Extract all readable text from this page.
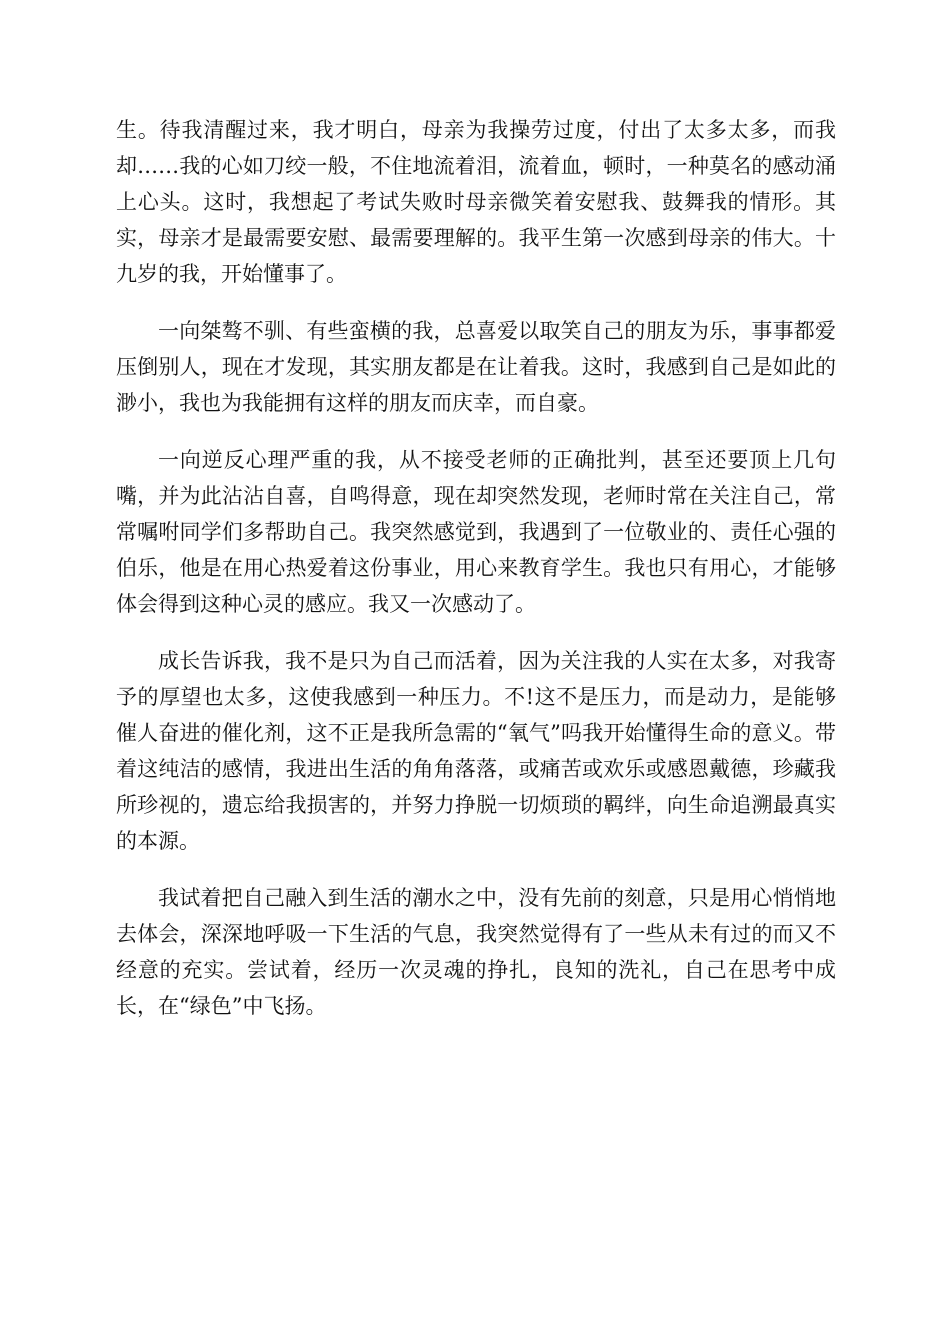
生。待我清醒过来，我才明白，母亲为我操劳过度，付出了太多太多，而我却……我的心如刀绞一般，不住地流着泪，流着血，顿时，一种莫名的感动涌上心头。这时，我想起了考试失败时母亲微笑着安慰我、鼓舞我的情形。其实，母亲才是最需要安慰、最需要理解的。我平生第一次感到母亲的伟大。十九岁的我，开始懂事了。

一向桀骜不驯、有些蛮横的我，总喜爱以取笑自己的朋友为乐，事事都爱压倒别人，现在才发现，其实朋友都是在让着我。这时，我感到自己是如此的渺小，我也为我能拥有这样的朋友而庆幸，而自豪。

一向逆反心理严重的我，从不接受老师的正确批判，甚至还要顶上几句嘴，并为此沾沾自喜，自鸣得意，现在却突然发现，老师时常在关注自己，常常嘱咐同学们多帮助自己。我突然感觉到，我遇到了一位敬业的、责任心强的伯乐，他是在用心热爱着这份事业，用心来教育学生。我也只有用心，才能够体会得到这种心灵的感应。我又一次感动了。

成长告诉我，我不是只为自己而活着，因为关注我的人实在太多，对我寄予的厚望也太多，这使我感到一种压力。不!这不是压力，而是动力，是能够催人奋进的催化剂，这不正是我所急需的“氧气”吗我开始懂得生命的意义。带着这纯洁的感情，我进出生活的角角落落，或痛苦或欢乐或感恩戴德，珍藏我所珍视的，遗忘给我损害的，并努力挣脱一切烦琐的羁绊，向生命追溯最真实的本源。

我试着把自己融入到生活的潮水之中，没有先前的刻意，只是用心悄悄地去体会，深深地呼吸一下生活的气息，我突然觉得有了一些从未有过的而又不经意的充实。尝试着，经历一次灵魂的挣扎，良知的洗礼，自己在思考中成长，在“绿色”中飞扬。
